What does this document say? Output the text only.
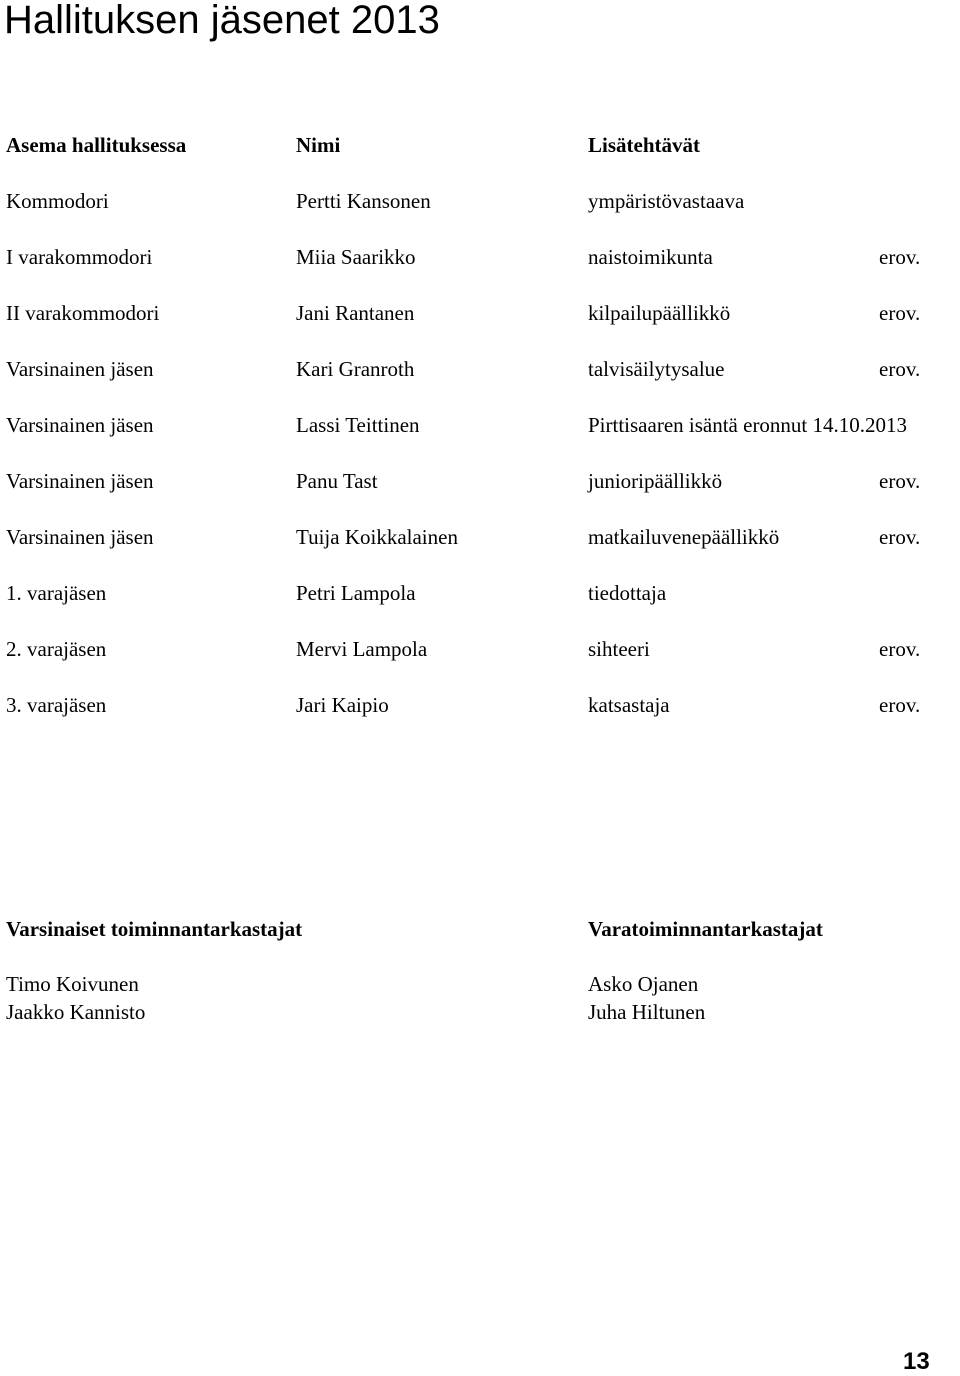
Hallituksen jäsenet 2013
Asema hallituksessa	Nimi	Lisätehtävät
Kommodori	Pertti Kansonen	ympäristövastaava
I varakommodori	Miia Saarikko	naistoimikunta	erov.
II varakommodori	Jani Rantanen	kilpailupäällikkö	erov.
Varsinainen jäsen	Kari Granroth	talvisäilytysalue	erov.
Varsinainen jäsen	Lassi Teittinen	Pirttisaaren isäntä eronnut 14.10.2013
Varsinainen jäsen	Panu Tast	junioripäällikkö	erov.
Varsinainen jäsen	Tuija Koikkalainen	matkailuvenepäällikkö	erov.
1. varajäsen	Petri Lampola	tiedottaja
2. varajäsen	Mervi Lampola	sihteeri	erov.
3. varajäsen	Jari Kaipio	katsastaja	erov.
Varsinaiset toiminnantarkastajat
Timo Koivunen
Jaakko Kannisto
Varatoiminnantarkastajat
Asko Ojanen
Juha Hiltunen
13
